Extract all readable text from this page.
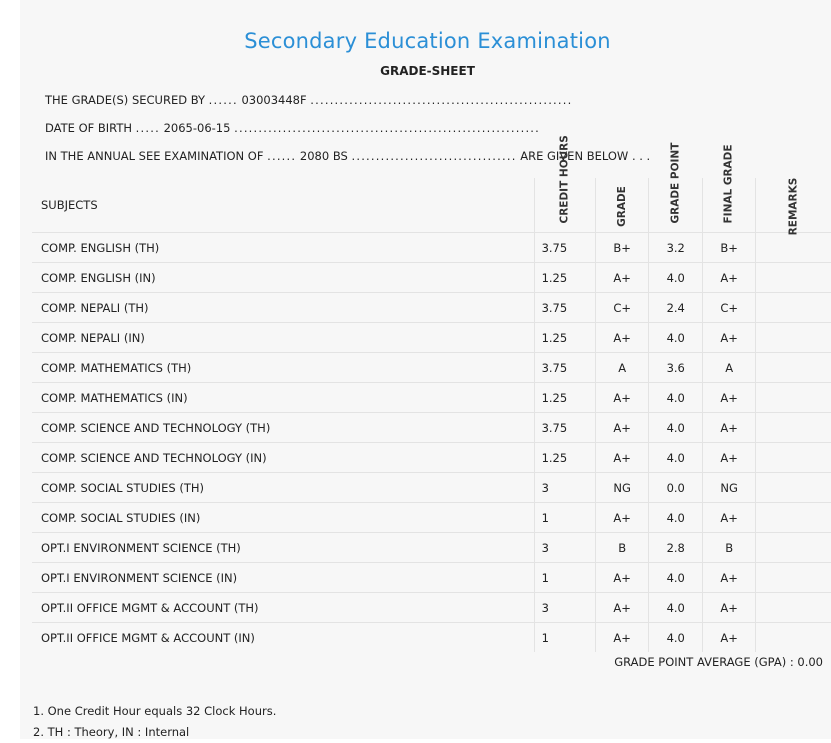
Secondary Education Examination
GRADE-SHEET
THE GRADE(S) SECURED BY ...... 03003448F ......................................................
DATE OF BIRTH ..... 2065-06-15 ...............................................................
IN THE ANNUAL SEE EXAMINATION OF ...... 2080 BS .................................. ARE GIVEN BELOW . . .
SUBJECTS	CREDIT HOURS	GRADE	GRADE POINT	FINAL GRADE	REMARKS
COMP. ENGLISH (TH)	3.75	B+	3.2	B+	
COMP. ENGLISH (IN)	1.25	A+	4.0	A+	
COMP. NEPALI (TH)	3.75	C+	2.4	C+	
COMP. NEPALI (IN)	1.25	A+	4.0	A+	
COMP. MATHEMATICS (TH)	3.75	A	3.6	A	
COMP. MATHEMATICS (IN)	1.25	A+	4.0	A+	
COMP. SCIENCE AND TECHNOLOGY (TH)	3.75	A+	4.0	A+	
COMP. SCIENCE AND TECHNOLOGY (IN)	1.25	A+	4.0	A+	
COMP. SOCIAL STUDIES (TH)	3	NG	0.0	NG	
COMP. SOCIAL STUDIES (IN)	1	A+	4.0	A+	
OPT.I ENVIRONMENT SCIENCE (TH)	3	B	2.8	B	
OPT.I ENVIRONMENT SCIENCE (IN)	1	A+	4.0	A+	
OPT.II OFFICE MGMT & ACCOUNT (TH)	3	A+	4.0	A+	
OPT.II OFFICE MGMT & ACCOUNT (IN)	1	A+	4.0	A+	
GRADE POINT AVERAGE (GPA) : 0.00
1. One Credit Hour equals 32 Clock Hours.
2. TH : Theory, IN : Internal
